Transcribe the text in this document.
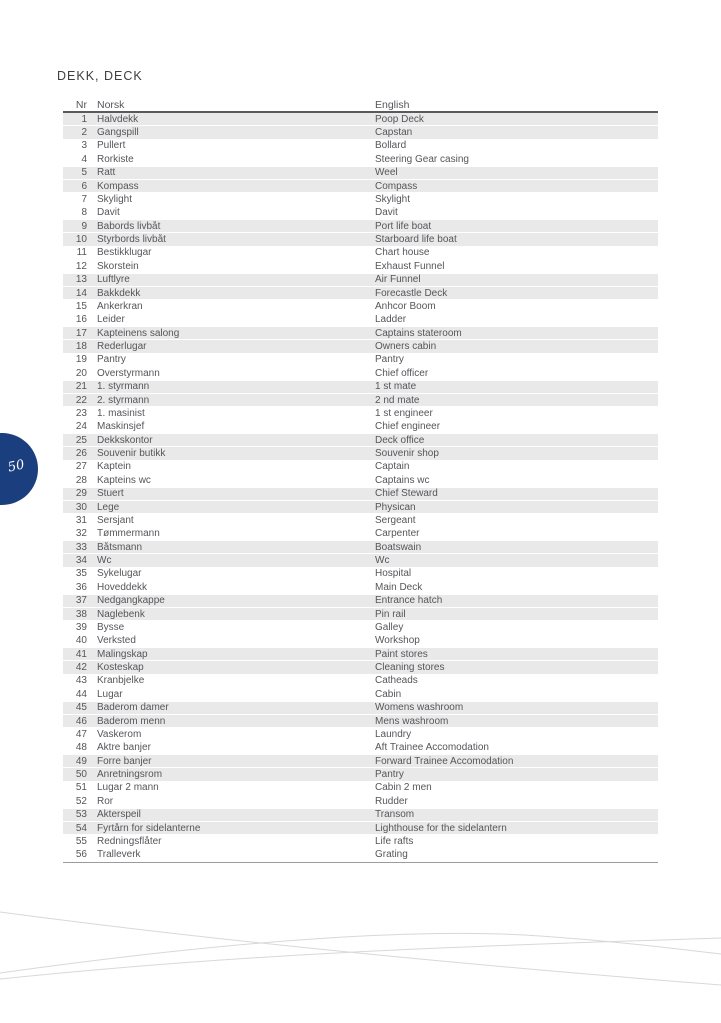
DEKK, DECK
Nr Norsk	English
1 Halvdekk	Poop Deck
2 Gangspill	Capstan
3 Pullert	Bollard
4 Rorkiste	Steering Gear casing
5 Ratt	Weel
6 Kompass	Compass
7 Skylight	Skylight
8 Davit	Davit
9 Babords livbåt	Port life boat
10 Styrbords livbåt	Starboard life boat
11 Bestikklugar	Chart house
12 Skorstein	Exhaust Funnel
13 Luftlyre	Air Funnel
14 Bakkdekk	Forecastle Deck
15 Ankerkran	Anhcor Boom
16 Leider	Ladder
17 Kapteinens salong	Captains stateroom
18 Rederlugar	Owners cabin
19 Pantry	Pantry
20 Overstyrmann	Chief officer
21 1. styrmann	1 st mate
22 2. styrmann	2 nd mate
23 1. masinist	1 st engineer
24 Maskinsjef	Chief engineer
25 Dekkskontor	Deck office
26 Souvenir butikk	Souvenir shop
27 Kaptein	Captain
28 Kapteins wc	Captains wc
29 Stuert	Chief Steward
30 Lege	Physican
31 Sersjant	Sergeant
32 Tømmermann	Carpenter
33 Båtsmann	Boatswain
34 Wc	Wc
35 Sykelugar	Hospital
36 Hoveddekk	Main Deck
37 Nedgangkappe	Entrance hatch
38 Naglebenk	Pin rail
39 Bysse	Galley
40 Verksted	Workshop
41 Malingskap	Paint stores
42 Kosteskap	Cleaning stores
43 Kranbjelke	Catheads
44 Lugar	Cabin
45 Baderom damer	Womens washroom
46 Baderom menn	Mens washroom
47 Vaskerom	Laundry
48 Aktre banjer	Aft Trainee Accomodation
49 Forre banjer	Forward Trainee Accomodation
50 Anretningsrom	Pantry
51 Lugar 2 mann	Cabin 2 men
52 Ror	Rudder
53 Akterspeil	Transom
54 Fyrtårn for sidelanterne	Lighthouse for the sidelantern
55 Redningsflåter	Life rafts
56 Tralleverk	Grating
50
